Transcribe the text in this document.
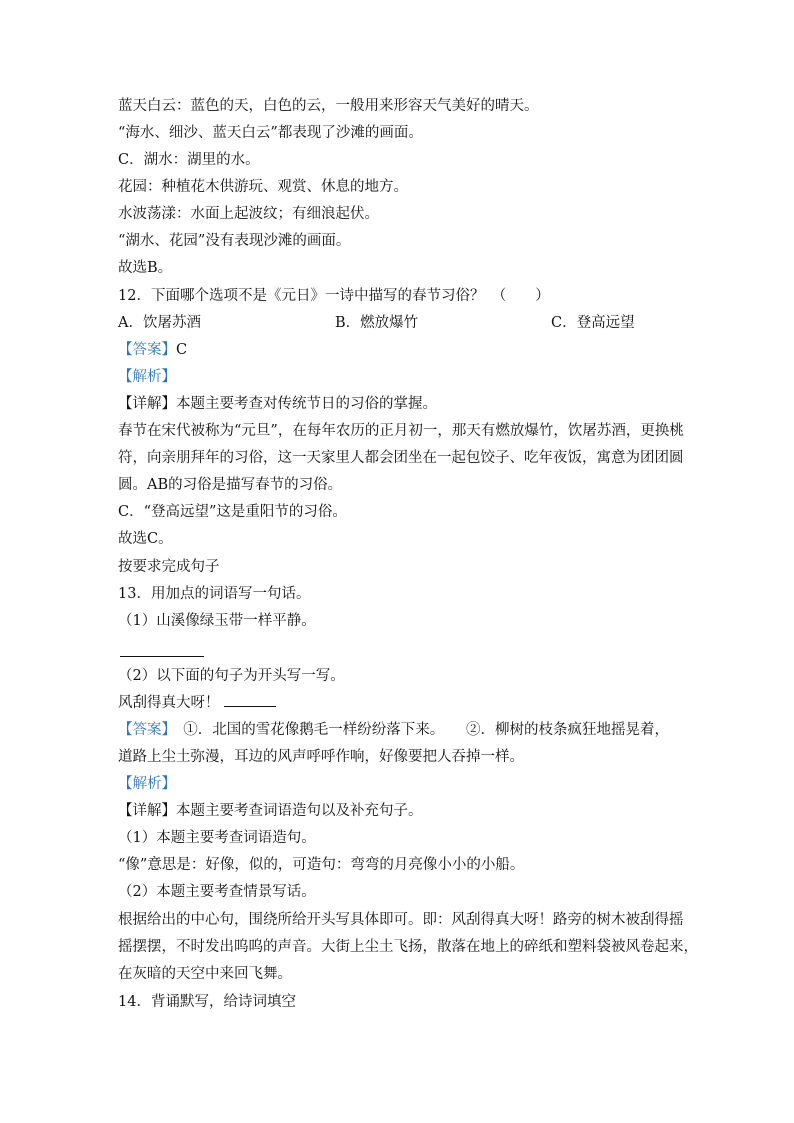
蓝天白云：蓝色的天，白色的云，一般用来形容天气美好的晴天。
“海水、细沙、蓝天白云”都表现了沙滩的画面。
C．湖水：湖里的水。
花园：种植花木供游玩、观赏、休息的地方。
水波荡漾：水面上起波纹；有细浪起伏。
“湖水、花园”没有表现沙滩的画面。
故选B。
12．下面哪个选项不是《元日》一诗中描写的春节习俗？　（　　）
A．饮屠苏酒	B．燃放爆竹	C．登高远望
【答案】C
【解析】
【详解】本题主要考查对传统节日的习俗的掌握。
春节在宋代被称为“元旦”，在每年农历的正月初一，那天有燃放爆竹，饮屠苏酒，更换桃
符，向亲朋拜年的习俗，这一天家里人都会团坐在一起包饺子、吃年夜饭，寓意为团团圆
圆。AB的习俗是描写春节的习俗。
C．“登高远望”这是重阳节的习俗。
故选C。
按要求完成句子
13．用加点的词语写一句话。
（1）山溪像绿玉带一样平静。
（2）以下面的句子为开头写一写。
风刮得真大呀！
【答案】　①．北国的雪花像鹅毛一样纷纷落下来。　　②．柳树的枝条疯狂地摇晃着，
道路上尘土弥漫，耳边的风声呼呼作响，好像要把人吞掉一样。
【解析】
【详解】本题主要考查词语造句以及补充句子。
（1）本题主要考查词语造句。
“像”意思是：好像，似的，可造句：弯弯的月亮像小小的小船。
（2）本题主要考查情景写话。
根据给出的中心句，围绕所给开头写具体即可。即：风刮得真大呀！路旁的树木被刮得摇
摇摆摆，不时发出呜呜的声音。大街上尘土飞扬，散落在地上的碎纸和塑料袋被风卷起来，
在灰暗的天空中来回飞舞。
14．背诵默写，给诗词填空
